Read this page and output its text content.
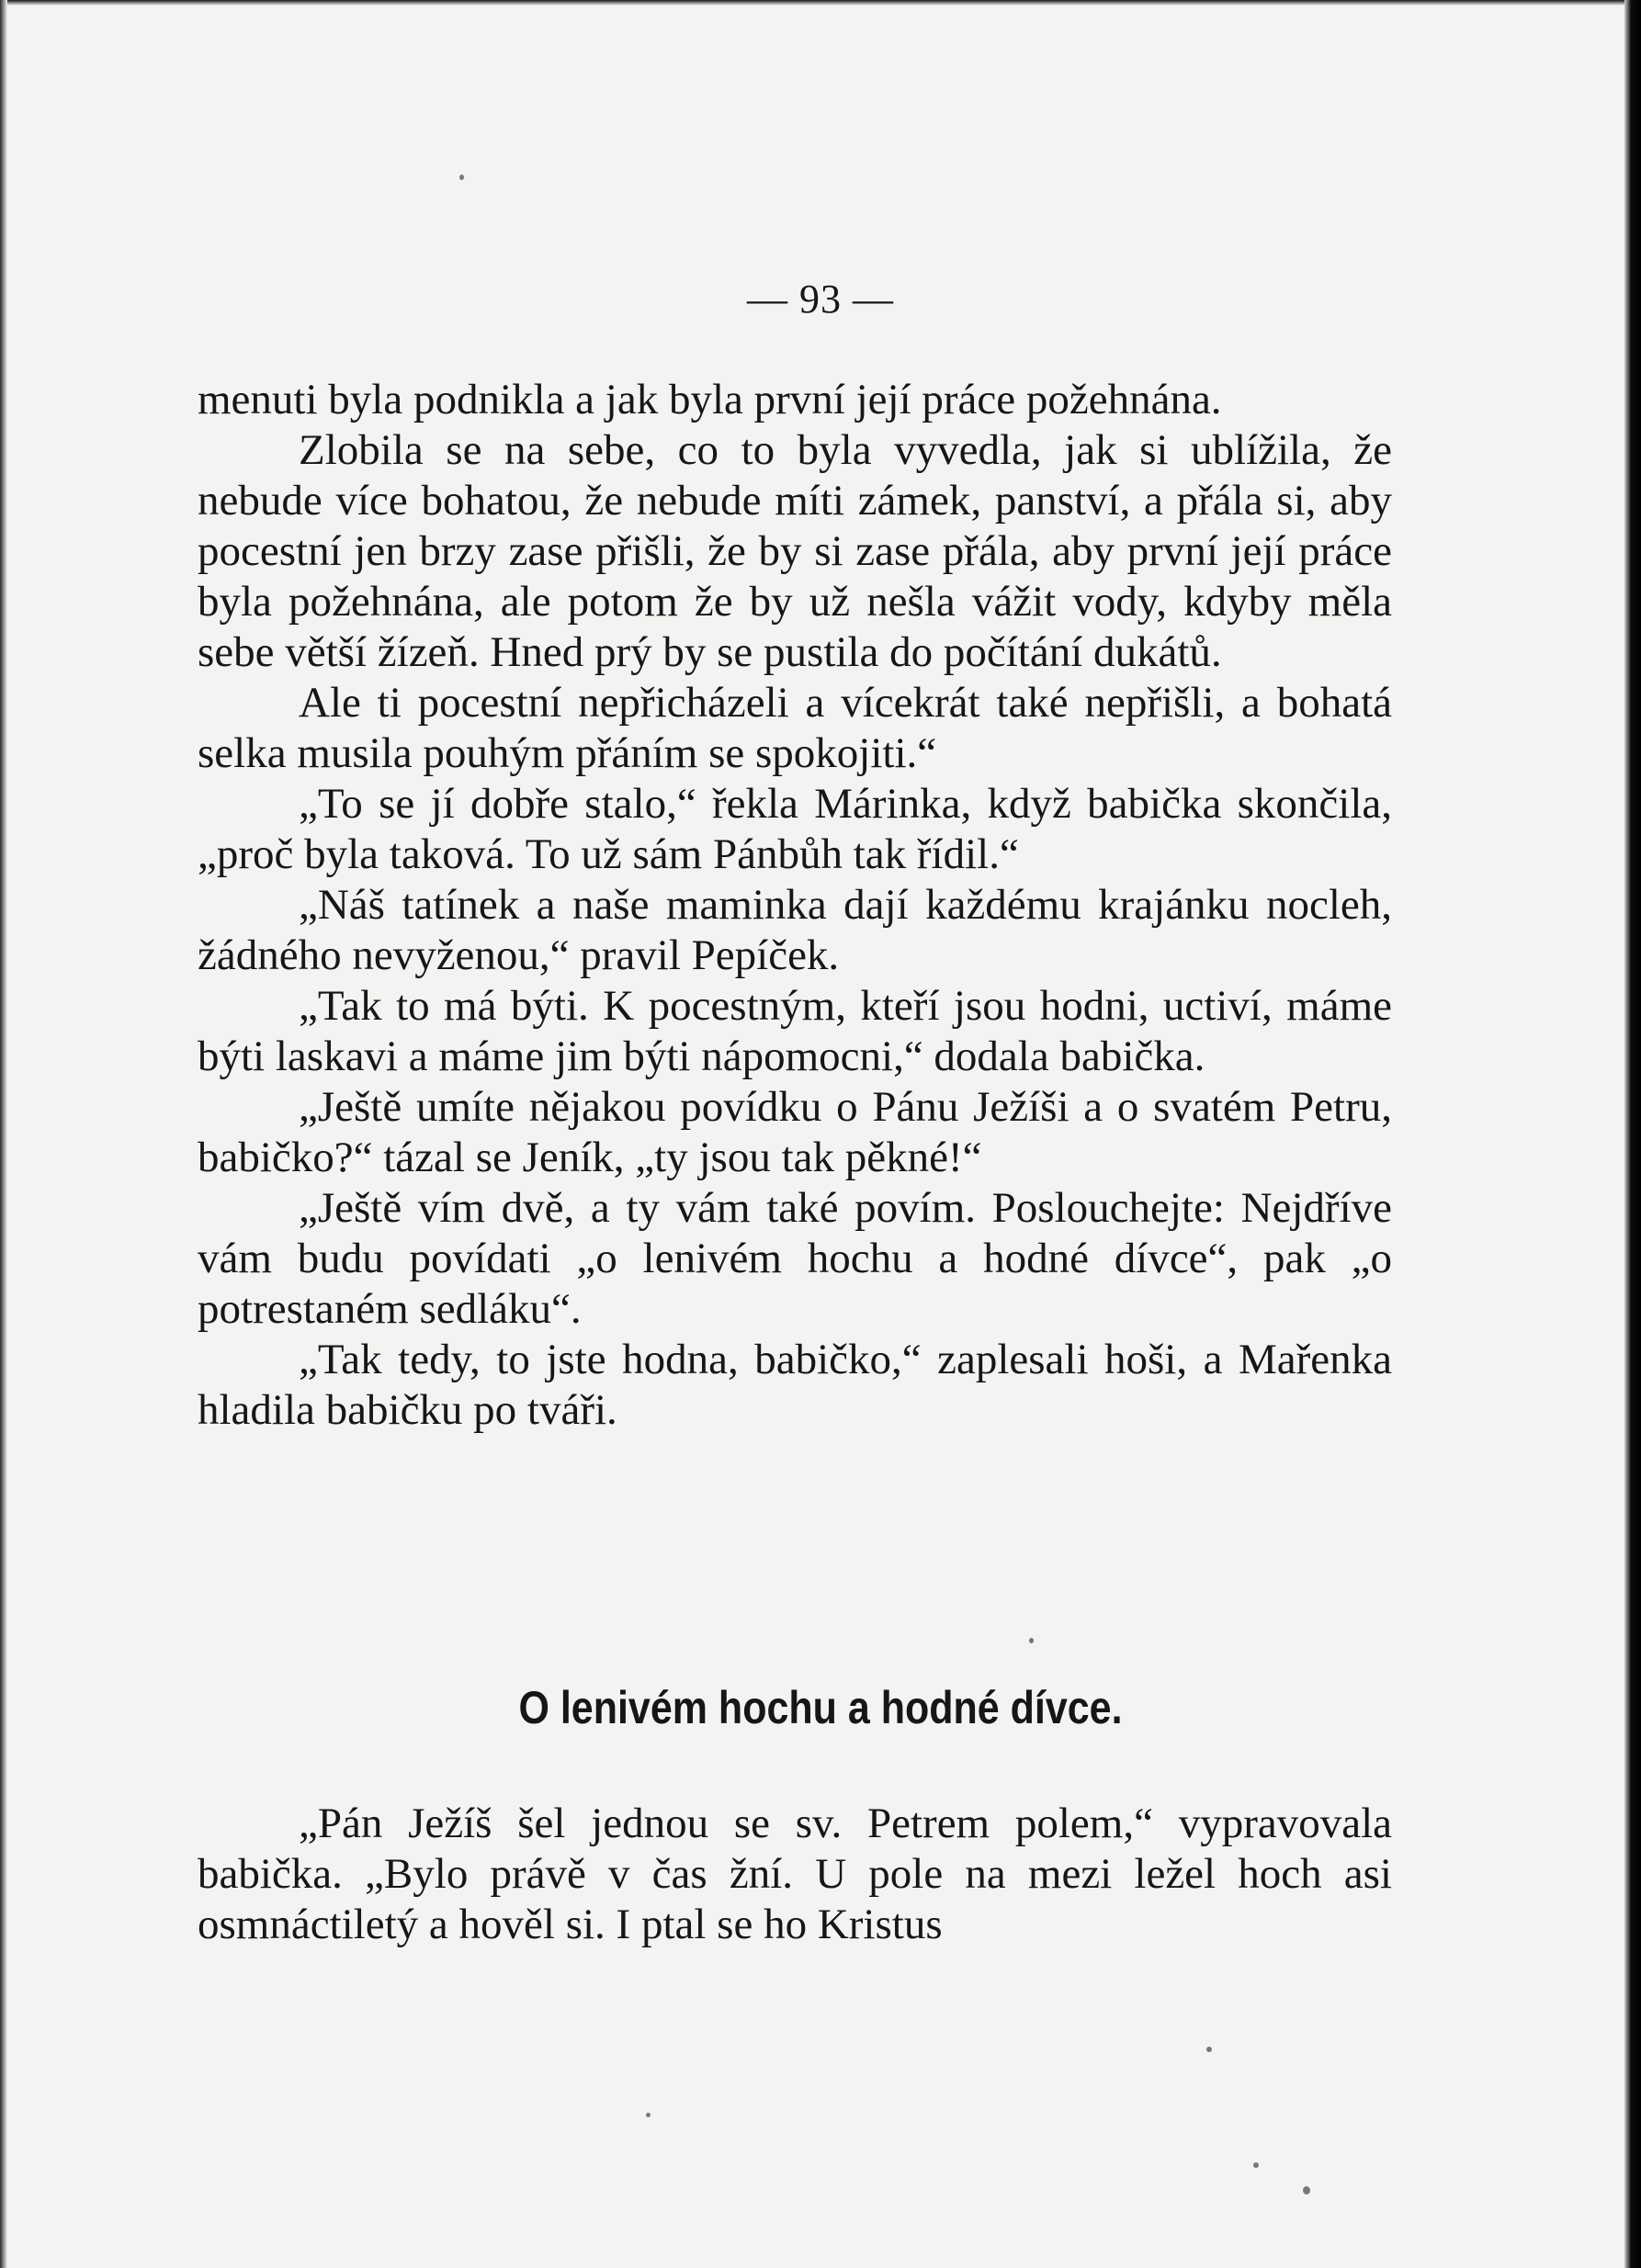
— 93 —

menuti byla podnikla a jak byla první její práce požehnána.

Zlobila se na sebe, co to byla vyvedla, jak si ublížila, že nebude více bohatou, že nebude míti zámek, panství, a přála si, aby pocestní jen brzy zase přišli, že by si zase přála, aby první její práce byla požehnána, ale potom že by už nešla vážit vody, kdyby měla sebe větší žízeň. Hned prý by se pustila do počítání dukátů.

Ale ti pocestní nepřicházeli a vícekrát také nepřišli, a bohatá selka musila pouhým přáním se spokojiti.“

„To se jí dobře stalo,“ řekla Márinka, když babička skončila, „proč byla taková. To už sám Pánbůh tak řídil.“

„Náš tatínek a naše maminka dají každému krajánku nocleh, žádného nevyženou,“ pravil Pepíček.

„Tak to má býti. K pocestným, kteří jsou hodni, uctiví, máme býti laskavi a máme jim býti nápomocni,“ dodala babička.

„Ještě umíte nějakou povídku o Pánu Ježíši a o svatém Petru, babičko?“ tázal se Jeník, „ty jsou tak pěkné!“

„Ještě vím dvě, a ty vám také povím. Poslouchejte: Nejdříve vám budu povídati „o lenivém hochu a hodné dívce“, pak „o potrestaném sedláku“.

„Tak tedy, to jste hodna, babičko,“ zaplesali hoši, a Mařenka hladila babičku po tváři.

O lenivém hochu a hodné dívce.

„Pán Ježíš šel jednou se sv. Petrem polem,“ vypravovala babička. „Bylo právě v čas žní. U pole na mezi ležel hoch asi osmnáctiletý a hověl si. I ptal se ho Kristus
